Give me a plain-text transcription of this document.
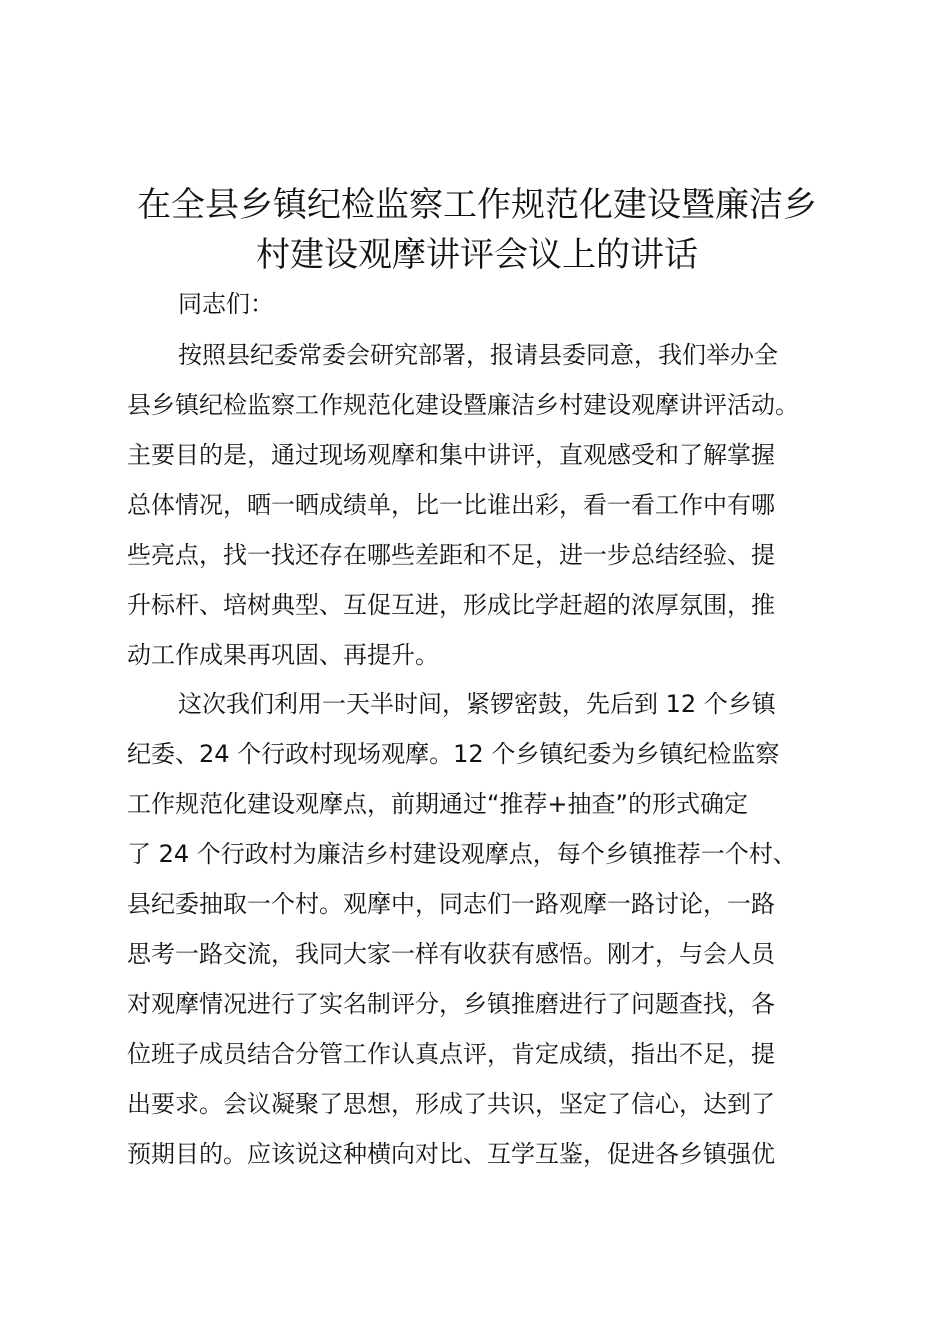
在全县乡镇纪检监察工作规范化建设暨廉洁乡
村建设观摩讲评会议上的讲话

同志们：

按照县纪委常委会研究部署，报请县委同意，我们举办全
县乡镇纪检监察工作规范化建设暨廉洁乡村建设观摩讲评活动。
主要目的是，通过现场观摩和集中讲评，直观感受和了解掌握
总体情况，晒一晒成绩单，比一比谁出彩，看一看工作中有哪
些亮点，找一找还存在哪些差距和不足，进一步总结经验、提
升标杆、培树典型、互促互进，形成比学赶超的浓厚氛围，推
动工作成果再巩固、再提升。
这次我们利用一天半时间，紧锣密鼓，先后到 12 个乡镇
纪委、24 个行政村现场观摩。12 个乡镇纪委为乡镇纪检监察
工作规范化建设观摩点，前期通过“推荐+抽查”的形式确定
了 24 个行政村为廉洁乡村建设观摩点，每个乡镇推荐一个村、
县纪委抽取一个村。观摩中，同志们一路观摩一路讨论，一路
思考一路交流，我同大家一样有收获有感悟。刚才，与会人员
对观摩情况进行了实名制评分，乡镇推磨进行了问题查找，各
位班子成员结合分管工作认真点评，肯定成绩，指出不足，提
出要求。会议凝聚了思想，形成了共识，坚定了信心，达到了
预期目的。应该说这种横向对比、互学互鉴，促进各乡镇强优
